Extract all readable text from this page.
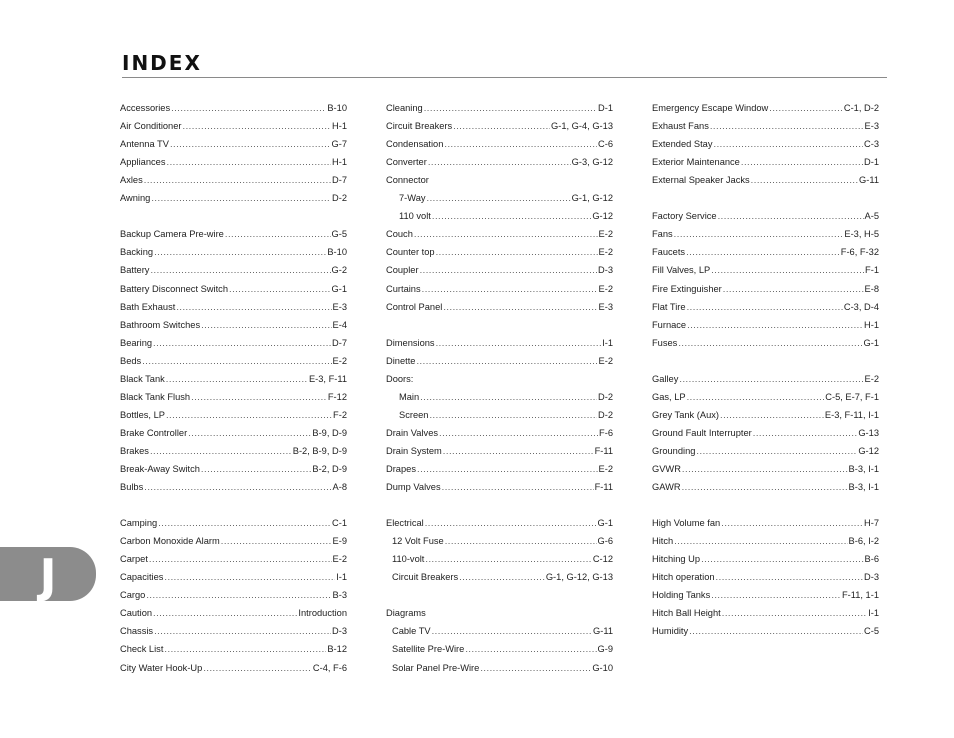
INDEX
Accessories .....	B-10
Air Conditioner .....	H-1
Antenna TV .....	G-7
Appliances .....	H-1
Axles .....	D-7
Awning .....	D-2
Backup Camera Pre-wire .....	G-5
Backing .....	B-10
Battery .....	G-2
Battery Disconnect Switch .....	G-1
Bath Exhaust .....	E-3
Bathroom Switches .....	E-4
Bearing .....	D-7
Beds .....	E-2
Black Tank .....	E-3, F-11
Black Tank Flush .....	F-12
Bottles, LP .....	F-2
Brake Controller .....	B-9, D-9
Brakes .....	B-2, B-9, D-9
Break-Away Switch .....	B-2, D-9
Bulbs .....	A-8
Camping .....	C-1
Carbon Monoxide Alarm .....	E-9
Carpet .....	E-2
Capacities .....	I-1
Cargo .....	B-3
Caution .....	Introduction
Chassis .....	D-3
Check List .....	B-12
City Water Hook-Up .....	C-4, F-6
Cleaning .....	D-1
Circuit Breakers .....	G-1, G-4, G-13
Condensation .....	C-6
Converter .....	G-3, G-12
Connector
7-Way .....	G-1, G-12
110 volt .....	G-12
Couch .....	E-2
Counter top .....	E-2
Coupler .....	D-3
Curtains .....	E-2
Control Panel .....	E-3
Dimensions .....	I-1
Dinette .....	E-2
Doors:
Main .....	D-2
Screen .....	D-2
Drain Valves .....	F-6
Drain System .....	F-11
Drapes .....	E-2
Dump Valves .....	F-11
Electrical .....	G-1
12 Volt Fuse .....	G-6
110-volt .....	C-12
Circuit Breakers .....	G-1, G-12, G-13
Diagrams
Cable TV .....	G-11
Satellite Pre-Wire .....	G-9
Solar Panel Pre-Wire .....	G-10
Emergency Escape Window .....	C-1, D-2
Exhaust Fans .....	E-3
Extended Stay .....	C-3
Exterior Maintenance .....	D-1
External Speaker Jacks .....	G-11
Factory Service .....	A-5
Fans .....	E-3, H-5
Faucets .....	F-6, F-32
Fill Valves, LP .....	F-1
Fire Extinguisher .....	E-8
Flat Tire .....	C-3, D-4
Furnace .....	H-1
Fuses .....	G-1
Galley .....	E-2
Gas, LP .....	C-5, E-7, F-1
Grey Tank (Aux) .....	E-3, F-11, I-1
Ground Fault Interrupter .....	G-13
Grounding .....	G-12
GVWR .....	B-3, I-1
GAWR .....	B-3, I-1
High Volume fan .....	H-7
Hitch .....	B-6, I-2
Hitching Up .....	B-6
Hitch operation .....	D-3
Holding Tanks .....	F-11, 1-1
Hitch Ball Height .....	I-1
Humidity .....	C-5
J
